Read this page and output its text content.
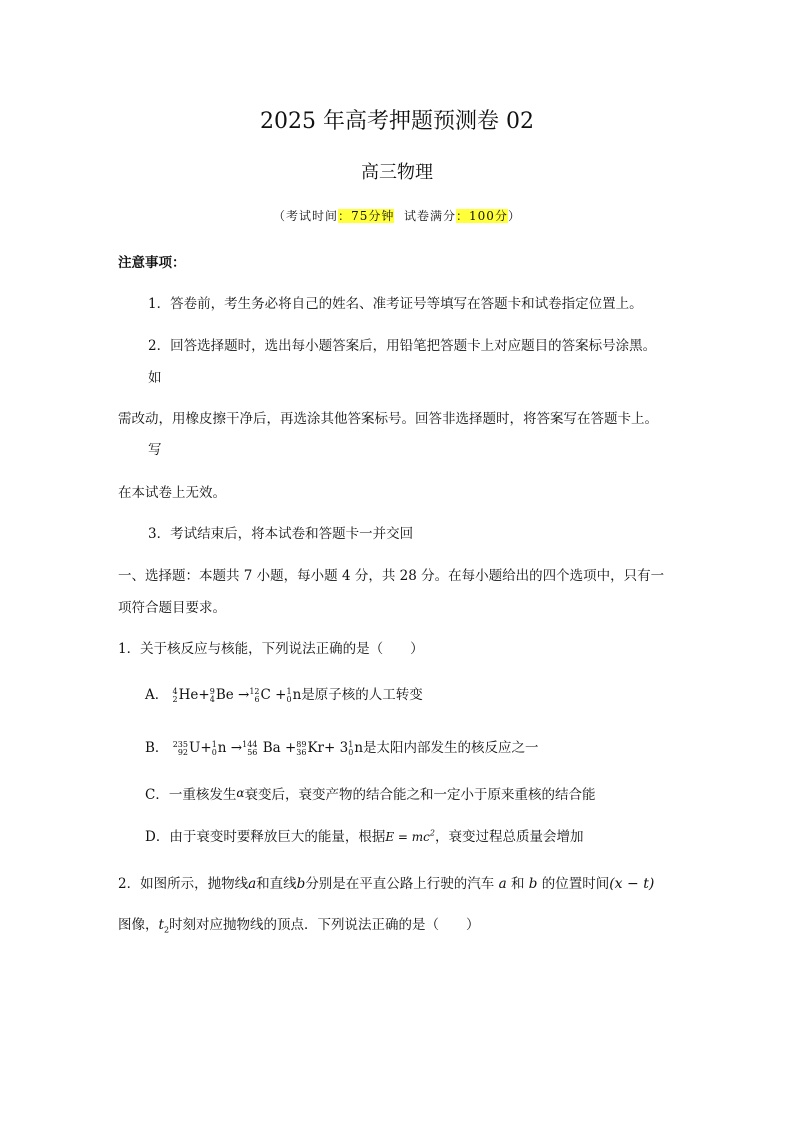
2025 年高考押题预测卷 02
高三物理
（考试时间：75分钟  试卷满分：100分）
注意事项：
1．答卷前，考生务必将自己的姓名、准考证号等填写在答题卡和试卷指定位置上。
2．回答选择题时，选出每小题答案后，用铅笔把答题卡上对应题目的答案标号涂黑。
如
需改动，用橡皮擦干净后，再选涂其他答案标号。回答非选择题时，将答案写在答题卡上。
写
在本试卷上无效。
3．考试结束后，将本试卷和答题卡一并交回
一、选择题：本题共 7 小题，每小题 4 分，共 28 分。在每小题给出的四个选项中，只有一
项符合题目要求。
1．关于核反应与核能，下列说法正确的是（　　）
A． 4
2He+9
4Be →12
6C +1
0n是原子核的人工转变
B． 235
92U+1
0n →144
56 Ba +89
36Kr+ 31
0n是太阳内部发生的核反应之一
C．一重核发生α衰变后，衰变产物的结合能之和一定小于原来重核的结合能
D．由于衰变时要释放巨大的能量，根据$E = mc^2$，衰变过程总质量会增加
2．如图所示，抛物线a和直线b分别是在平直公路上行驶的汽车 a 和 b 的位置时间(x − t)
图像，$t_2$时刻对应抛物线的顶点．下列说法正确的是（　　）
